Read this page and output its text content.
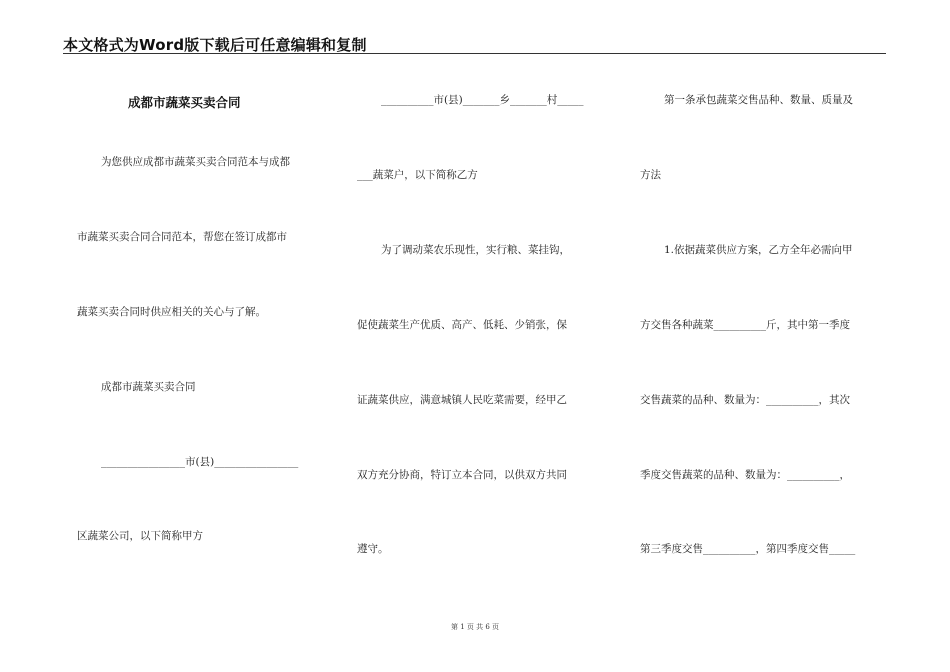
本文格式为Word版下载后可任意编辑和复制
成都市蔬菜买卖合同
为您供应成都市蔬菜买卖合同范本与成都
市蔬菜买卖合同合同范本，帮您在签订成都市
蔬菜买卖合同时供应相关的关心与了解。
成都市蔬菜买卖合同
________________市(县)________________
区蔬菜公司，以下简称甲方
__________市(县)_______乡_______村_____
___蔬菜户，以下简称乙方
为了调动菜农乐现性，实行粮、菜挂钩，
促使蔬菜生产优质、高产、低耗、少销张，保
证蔬菜供应，满意城镇人民吃菜需要，经甲乙
双方充分协商，特订立本合同，以供双方共同
遵守。
第一条承包蔬菜交售品种、数量、质量及
方法
1.依据蔬菜供应方案，乙方全年必需向甲
方交售各种蔬菜__________斤，其中第一季度
交售蔬菜的品种、数量为：__________，其次
季度交售蔬菜的品种、数量为：__________，
第三季度交售__________，第四季度交售_____
第 1 页 共 6 页
